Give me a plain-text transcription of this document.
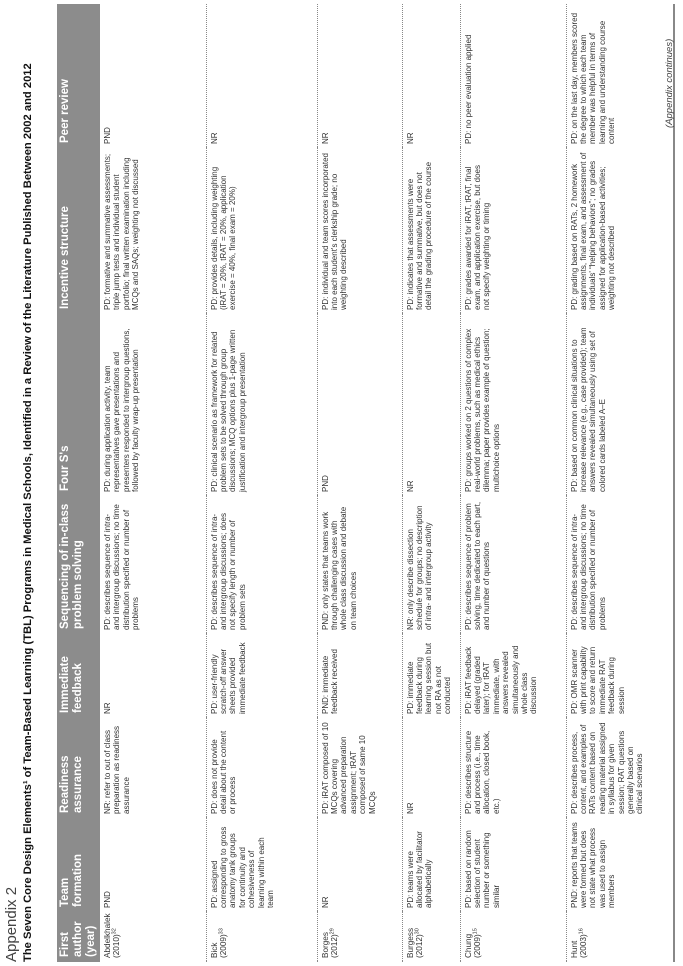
Appendix 2 The Seven Core Design Elements¹ of Team-Based Learning (TBL) Programs in Medical Schools, Identified in a Review of the Literature Published Between 2002 and 2012 First author (year)	Team formation	Readiness assurance	Immediate feedback	Sequencing of in-class problem solving	Four S's	Incentive structure	Peer review
Abdelkhalek $(2010)^{32}$	PND	NR: refer to out of class preparation as readiness assurance	NR	PD: describes sequence of intra- and intergroup discussions; no time distribution specified or number of problems	PD: during application activity, team representatives gave presentations and presenters responded to intergroup questions, followed by faculty wrap-up presentation	PD: formative and summative assessments; triple jump tests and individual student portfolio; final written examination including MCQs and SAQs; weighting not discussed	PND
Bick $(2009)^{33}$	PD: assigned corresponding to gross anatomy tank groups for continuity and cohesiveness of learning within each team	PD: does not provide detail about the content or process	PD: user-friendly scratch-off answer sheets provided immediate feedback	PD: describes sequence of intra- and intergroup discussions; does not specify length or number of problem sets	PD: clinical scenario as framework for related problem sets to be solved through group discussions; MCQ options plus 1-page written justification and intergroup presentation	PD: provides details, including weighting (iRAT = 20%, tRAT = 20%, application exercise = 40%, final exam = 20%)	NR
Borges $(2012)^{29}$	NR	PD: iRAT composed of 10 MCQs covering advanced preparation assignment; tRAT composed of same 10 MCQs	PND: immediate feedback received	PND: only states that teams work through challenging cases with whole class discussion and debate on team choices	PND	PD: individual and team scores incorporated into each student's clerkship grade; no weighting described	NR
Burgess $(2012)^{30}$	PD: teams were allocated by facilitator alphabetically	NR	PD: immediate feedback during learning session but not RA as not conducted	NR: only describe dissection schedule for groups; no description of intra- and intergroup activity	NR	PD: indicates that assessments were formative and summative, but does not detail the grading procedure of the course	NR
Chung $(2009)^{15}$	PD: based on random selection of student number or something similar	PD: describes structure and process (i.e., time allocation, closed book, etc.)	PD: iRAT feedback delayed (graded later); for tRAT immediate, with answers revealed simultaneously and whole class discussion	PD: describes sequence of problem solving, time dedicated to each part, and number of questions	PD: groups worked on 2 questions of complex real-world problems, such as medical ethics dilemma; paper provides example of question; multichoice options	PD: grades awarded for iRAT, tRAT, final exam, and application exercise, but does not specify weighting or timing	PD: no peer evaluation applied
Hunt $(2003)^{16}$	PND: reports that teams were formed but does not state what process was used to assign members	PD: describes process, content, and examples of RATs content based on reading material assigned in syllabus for given session; RAT questions generally based on clinical scenarios	PD: OMR scanner with print capability to score and return immediate RAT feedback during session	PD: describes sequence of intra- and intergroup discussions; no time distribution specified or number of problems	PD: based on common clinical situations to increase relevance (e.g., case provided); team answers revealed simultaneously using set of colored cards labeled A–E	PD: grading based on RATs, 2 homework assignments, final exam, and assessment of individuals' “helping behaviors”; no grades assigned for application-based activities; weighting not described	PD: on the last day, members scored the degree to which each team member was helpful in terms of learning and understanding course content
(Appendix continues)
